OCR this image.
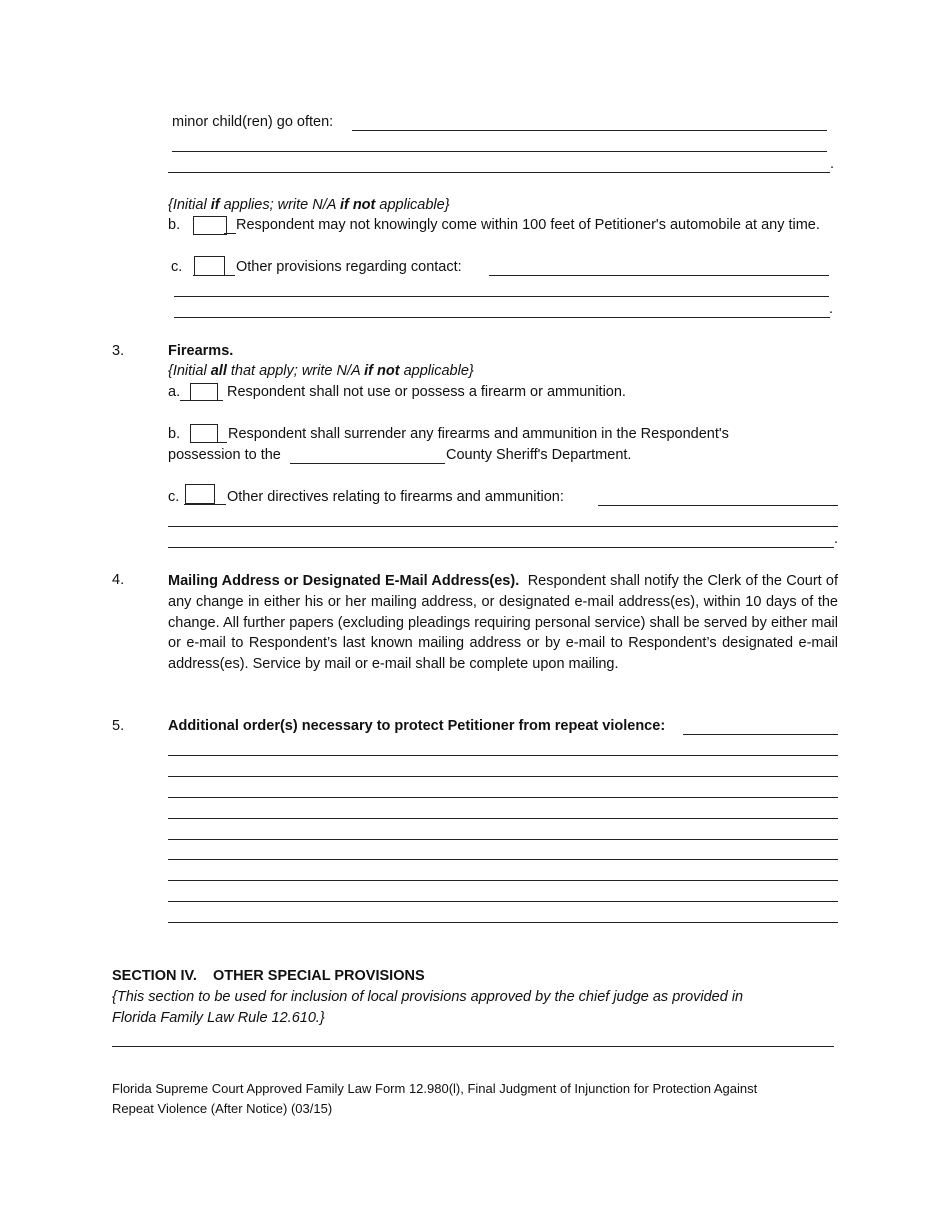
minor child(ren) go often:
.
{Initial if applies; write N/A if not applicable}
b.	Respondent may not knowingly come within 100 feet of Petitioner's automobile at any time.
c.	Other provisions regarding contact:
.
3.	Firearms.
{Initial all that apply; write N/A if not applicable}
a.	Respondent shall not use or possess a firearm or ammunition.
b.	Respondent shall surrender any firearms and ammunition in the Respondent's
possession to the	County Sheriff's Department.
c.	Other directives relating to firearms and ammunition:
.
4.	Mailing Address or Designated E-Mail Address(es). Respondent shall notify the Clerk of the Court of any change in either his or her mailing address, or designated e-mail address(es), within 10 days of the change. All further papers (excluding pleadings requiring personal service) shall be served by either mail or e-mail to Respondent’s last known mailing address or by e-mail to Respondent’s designated e-mail address(es). Service by mail or e-mail shall be complete upon mailing.
5.	Additional order(s) necessary to protect Petitioner from repeat violence:
SECTION IV.    OTHER SPECIAL PROVISIONS
{This section to be used for inclusion of local provisions approved by the chief judge as provided in
Florida Family Law Rule 12.610.}
Florida Supreme Court Approved Family Law Form 12.980(l), Final Judgment of Injunction for Protection Against
Repeat Violence (After Notice) (03/15)
